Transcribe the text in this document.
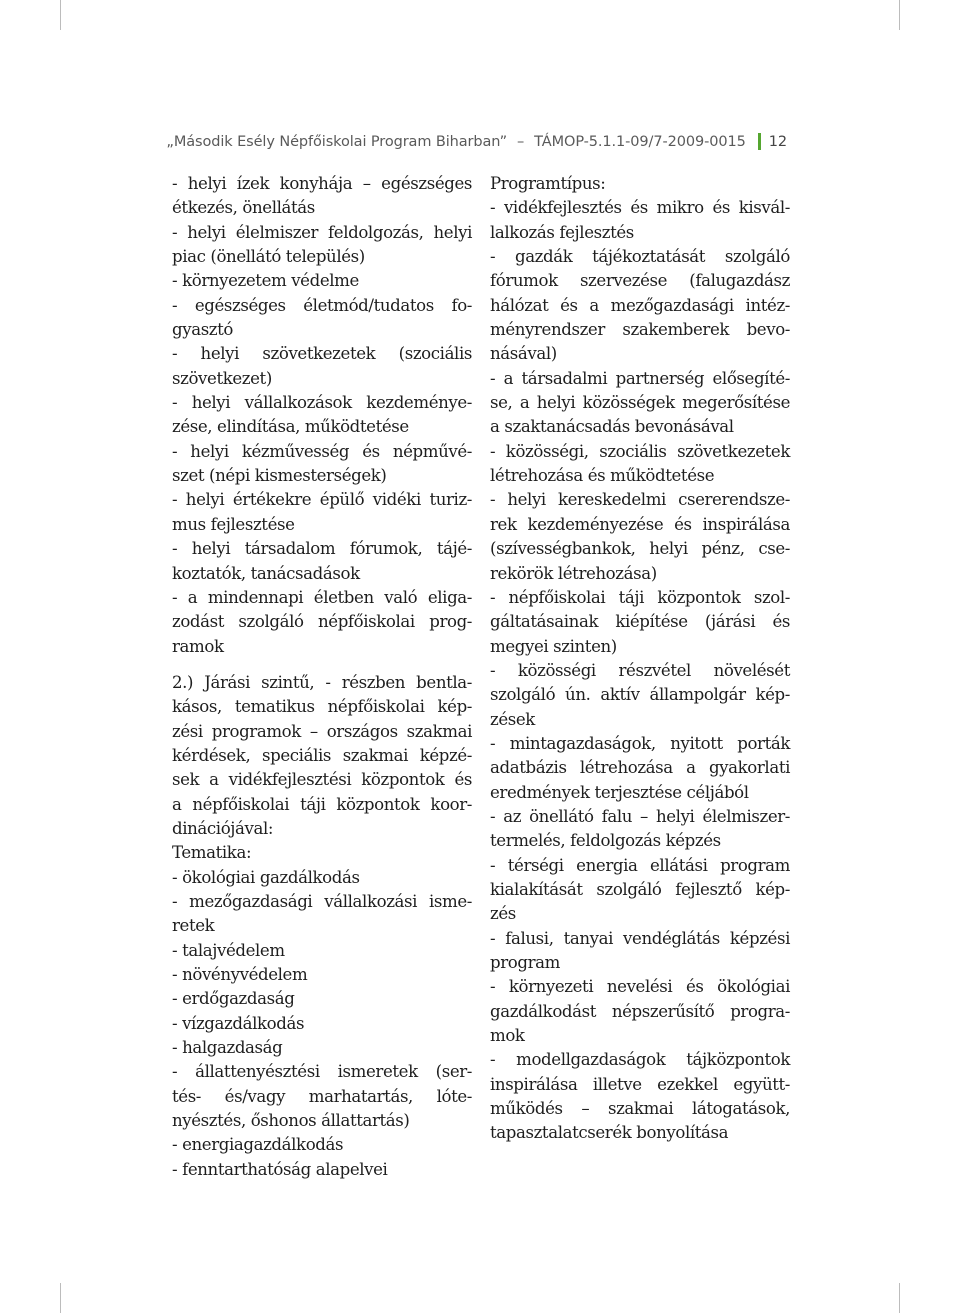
„Második Esély Népfőiskolai Program Biharban” – TÁMOP-5.1.1-09/7-2009-0015 12
- helyi ízek konyhája – egészséges
étkezés, önellátás
- helyi élelmiszer feldolgozás, helyi
piac (önellátó település)
- környezetem védelme
- egészséges életmód/tudatos fo-
gyasztó
- helyi szövetkezetek (szociális
szövetkezet)
- helyi vállalkozások kezdeménye-
zése, elindítása, működtetése
- helyi kézművesség és népművé-
szet (népi kismesterségek)
- helyi értékekre épülő vidéki turiz-
mus fejlesztése
- helyi társadalom fórumok, tájé-
koztatók, tanácsadások
- a mindennapi életben való eliga-
zodást szolgáló népfőiskolai prog-
ramok
2.) Járási szintű, - részben bentla-
kásos, tematikus népfőiskolai kép-
zési programok – országos szakmai
kérdések, speciális szakmai képzé-
sek a vidékfejlesztési központok és
a népfőiskolai táji központok koor-
dinációjával:
Tematika:
- ökológiai gazdálkodás
- mezőgazdasági vállalkozási isme-
retek
- talajvédelem
- növényvédelem
- erdőgazdaság
- vízgazdálkodás
- halgazdaság
- állattenyésztési ismeretek (ser-
tés- és/vagy marhatartás, lóte-
nyésztés, őshonos állattartás)
- energiagazdálkodás
- fenntarthatóság alapelvei
Programtípus:
- vidékfejlesztés és mikro és kisvál-
lalkozás fejlesztés
- gazdák tájékoztatását szolgáló
fórumok szervezése (falugazdász
hálózat és a mezőgazdasági intéz-
ményrendszer szakemberek bevo-
násával)
- a társadalmi partnerség elősegíté-
se, a helyi közösségek megerősítése
a szaktanácsadás bevonásával
- közösségi, szociális szövetkezetek
létrehozása és működtetése
- helyi kereskedelmi csererendsze-
rek kezdeményezése és inspirálása
(szívességbankok, helyi pénz, cse-
rekörök létrehozása)
- népfőiskolai táji központok szol-
gáltatásainak kiépítése (járási és
megyei szinten)
- közösségi részvétel növelését
szolgáló ún. aktív állampolgár kép-
zések
- mintagazdaságok, nyitott porták
adatbázis létrehozása a gyakorlati
eredmények terjesztése céljából
- az önellátó falu – helyi élelmiszer-
termelés, feldolgozás képzés
- térségi energia ellátási program
kialakítását szolgáló fejlesztő kép-
zés
- falusi, tanyai vendéglátás képzési
program
- környezeti nevelési és ökológiai
gazdálkodást népszerűsítő progra-
mok
- modellgazdaságok tájközpontok
inspirálása illetve ezekkel együtt-
működés – szakmai látogatások,
tapasztalatcserék bonyolítása
